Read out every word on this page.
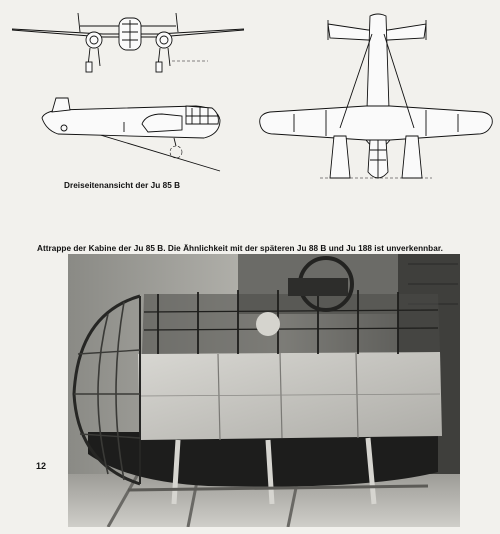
Dreiseitenansicht der Ju 85 B
Attrappe der Kabine der Ju 85 B. Die Ähnlichkeit mit der späteren Ju 88 B und Ju 188 ist unverkennbar.
12
